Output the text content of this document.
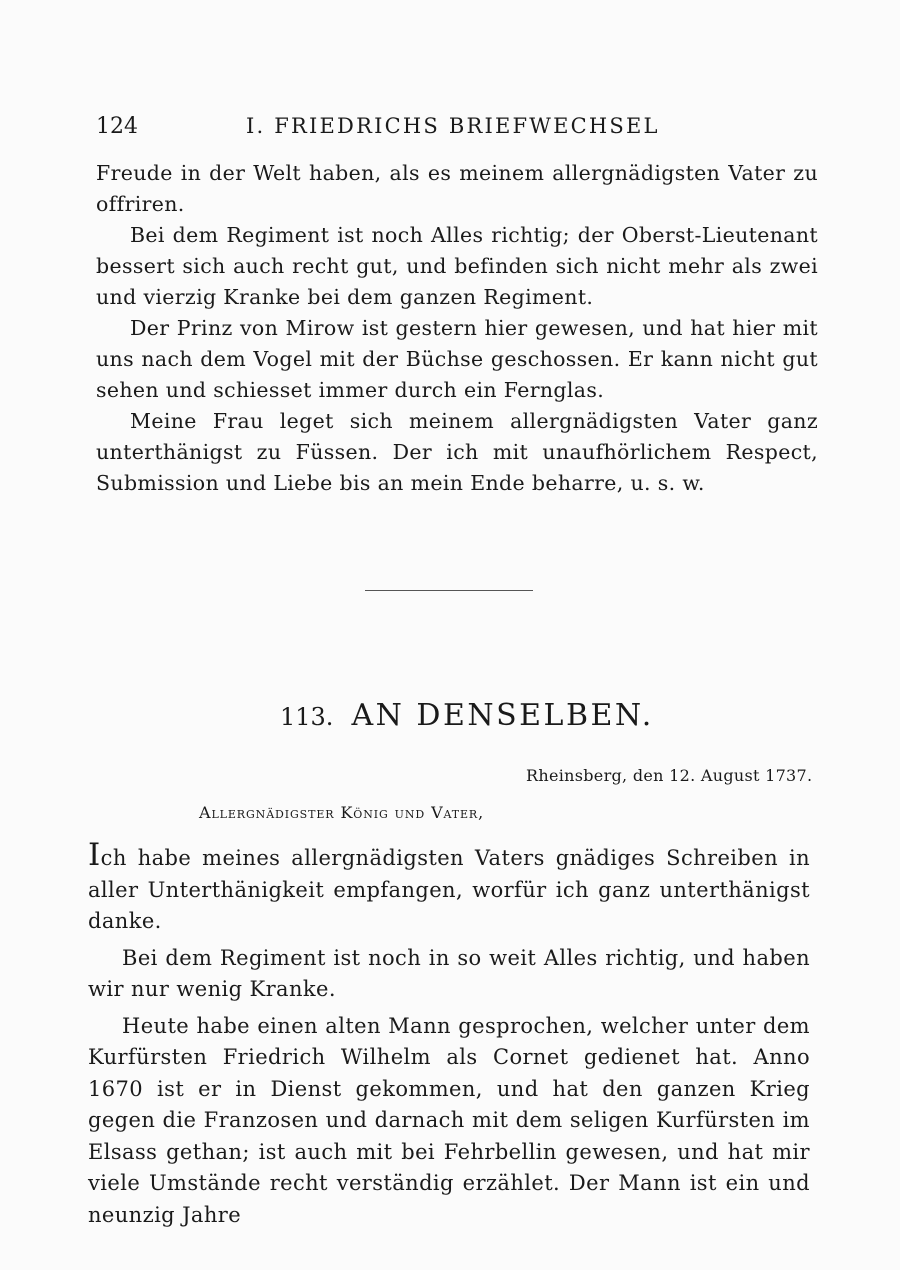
124	I. FRIEDRICHS BRIEFWECHSEL

Freude in der Welt haben, als es meinem allergnädigsten Vater zu offriren.

Bei dem Regiment ist noch Alles richtig; der Oberst-Lieutenant bessert sich auch recht gut, und befinden sich nicht mehr als zwei und vierzig Kranke bei dem ganzen Regiment.

Der Prinz von Mirow ist gestern hier gewesen, und hat hier mit uns nach dem Vogel mit der Büchse geschossen. Er kann nicht gut sehen und schiesset immer durch ein Fernglas.

Meine Frau leget sich meinem allergnädigsten Vater ganz unterthänigst zu Füssen. Der ich mit unaufhörlichem Respect, Submission und Liebe bis an mein Ende beharre, u. s. w.

113. AN DENSELBEN.
Rheinsberg, den 12. August 1737.
Allergnädigster König und Vater,

Ich habe meines allergnädigsten Vaters gnädiges Schreiben in aller Unterthänigkeit empfangen, worfür ich ganz unterthänigst danke.

Bei dem Regiment ist noch in so weit Alles richtig, und haben wir nur wenig Kranke.

Heute habe einen alten Mann gesprochen, welcher unter dem Kurfürsten Friedrich Wilhelm als Cornet gedienet hat. Anno 1670 ist er in Dienst gekommen, und hat den ganzen Krieg gegen die Franzosen und darnach mit dem seligen Kurfürsten im Elsass gethan; ist auch mit bei Fehrbellin gewesen, und hat mir viele Umstände recht verständig erzählet. Der Mann ist ein und neunzig Jahre
